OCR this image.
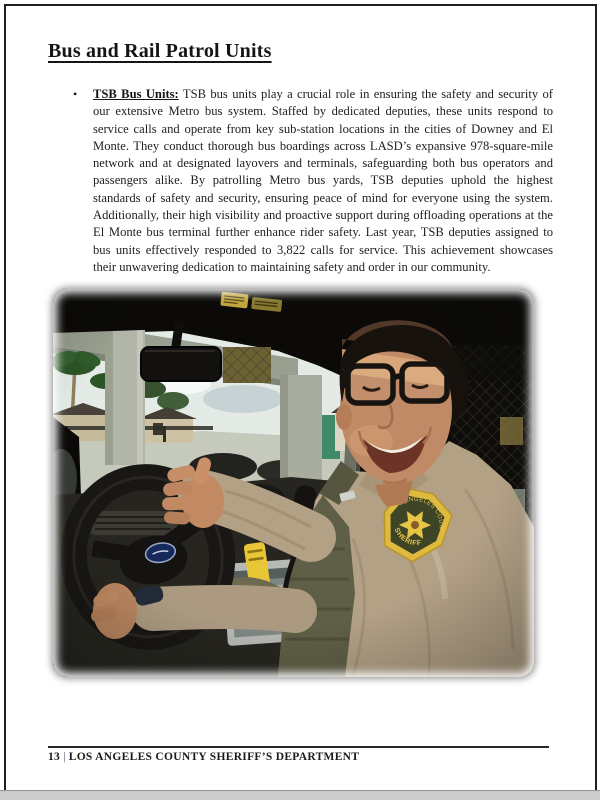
Bus and Rail Patrol Units
•	TSB Bus Units: TSB bus units play a crucial role in ensuring the safety and security of our extensive Metro bus system. Staffed by dedicated deputies, these units respond to service calls and operate from key sub-station locations in the cities of Downey and El Monte. They conduct thorough bus boardings across LASD’s expansive 978-square-mile network and at designated layovers and terminals, safeguarding both bus operators and passengers alike. By patrolling Metro bus yards, TSB deputies uphold the highest standards of safety and security, ensuring peace of mind for everyone using the system. Additionally, their high visibility and proactive support during offloading operations at the El Monte bus terminal further enhance rider safety. Last year, TSB deputies assigned to bus units effectively responded to 3,822 calls for service. This achievement showcases their unwavering dedication to maintaining safety and order in our community.

13 | LOS ANGELES COUNTY SHERIFF’S DEPARTMENT
